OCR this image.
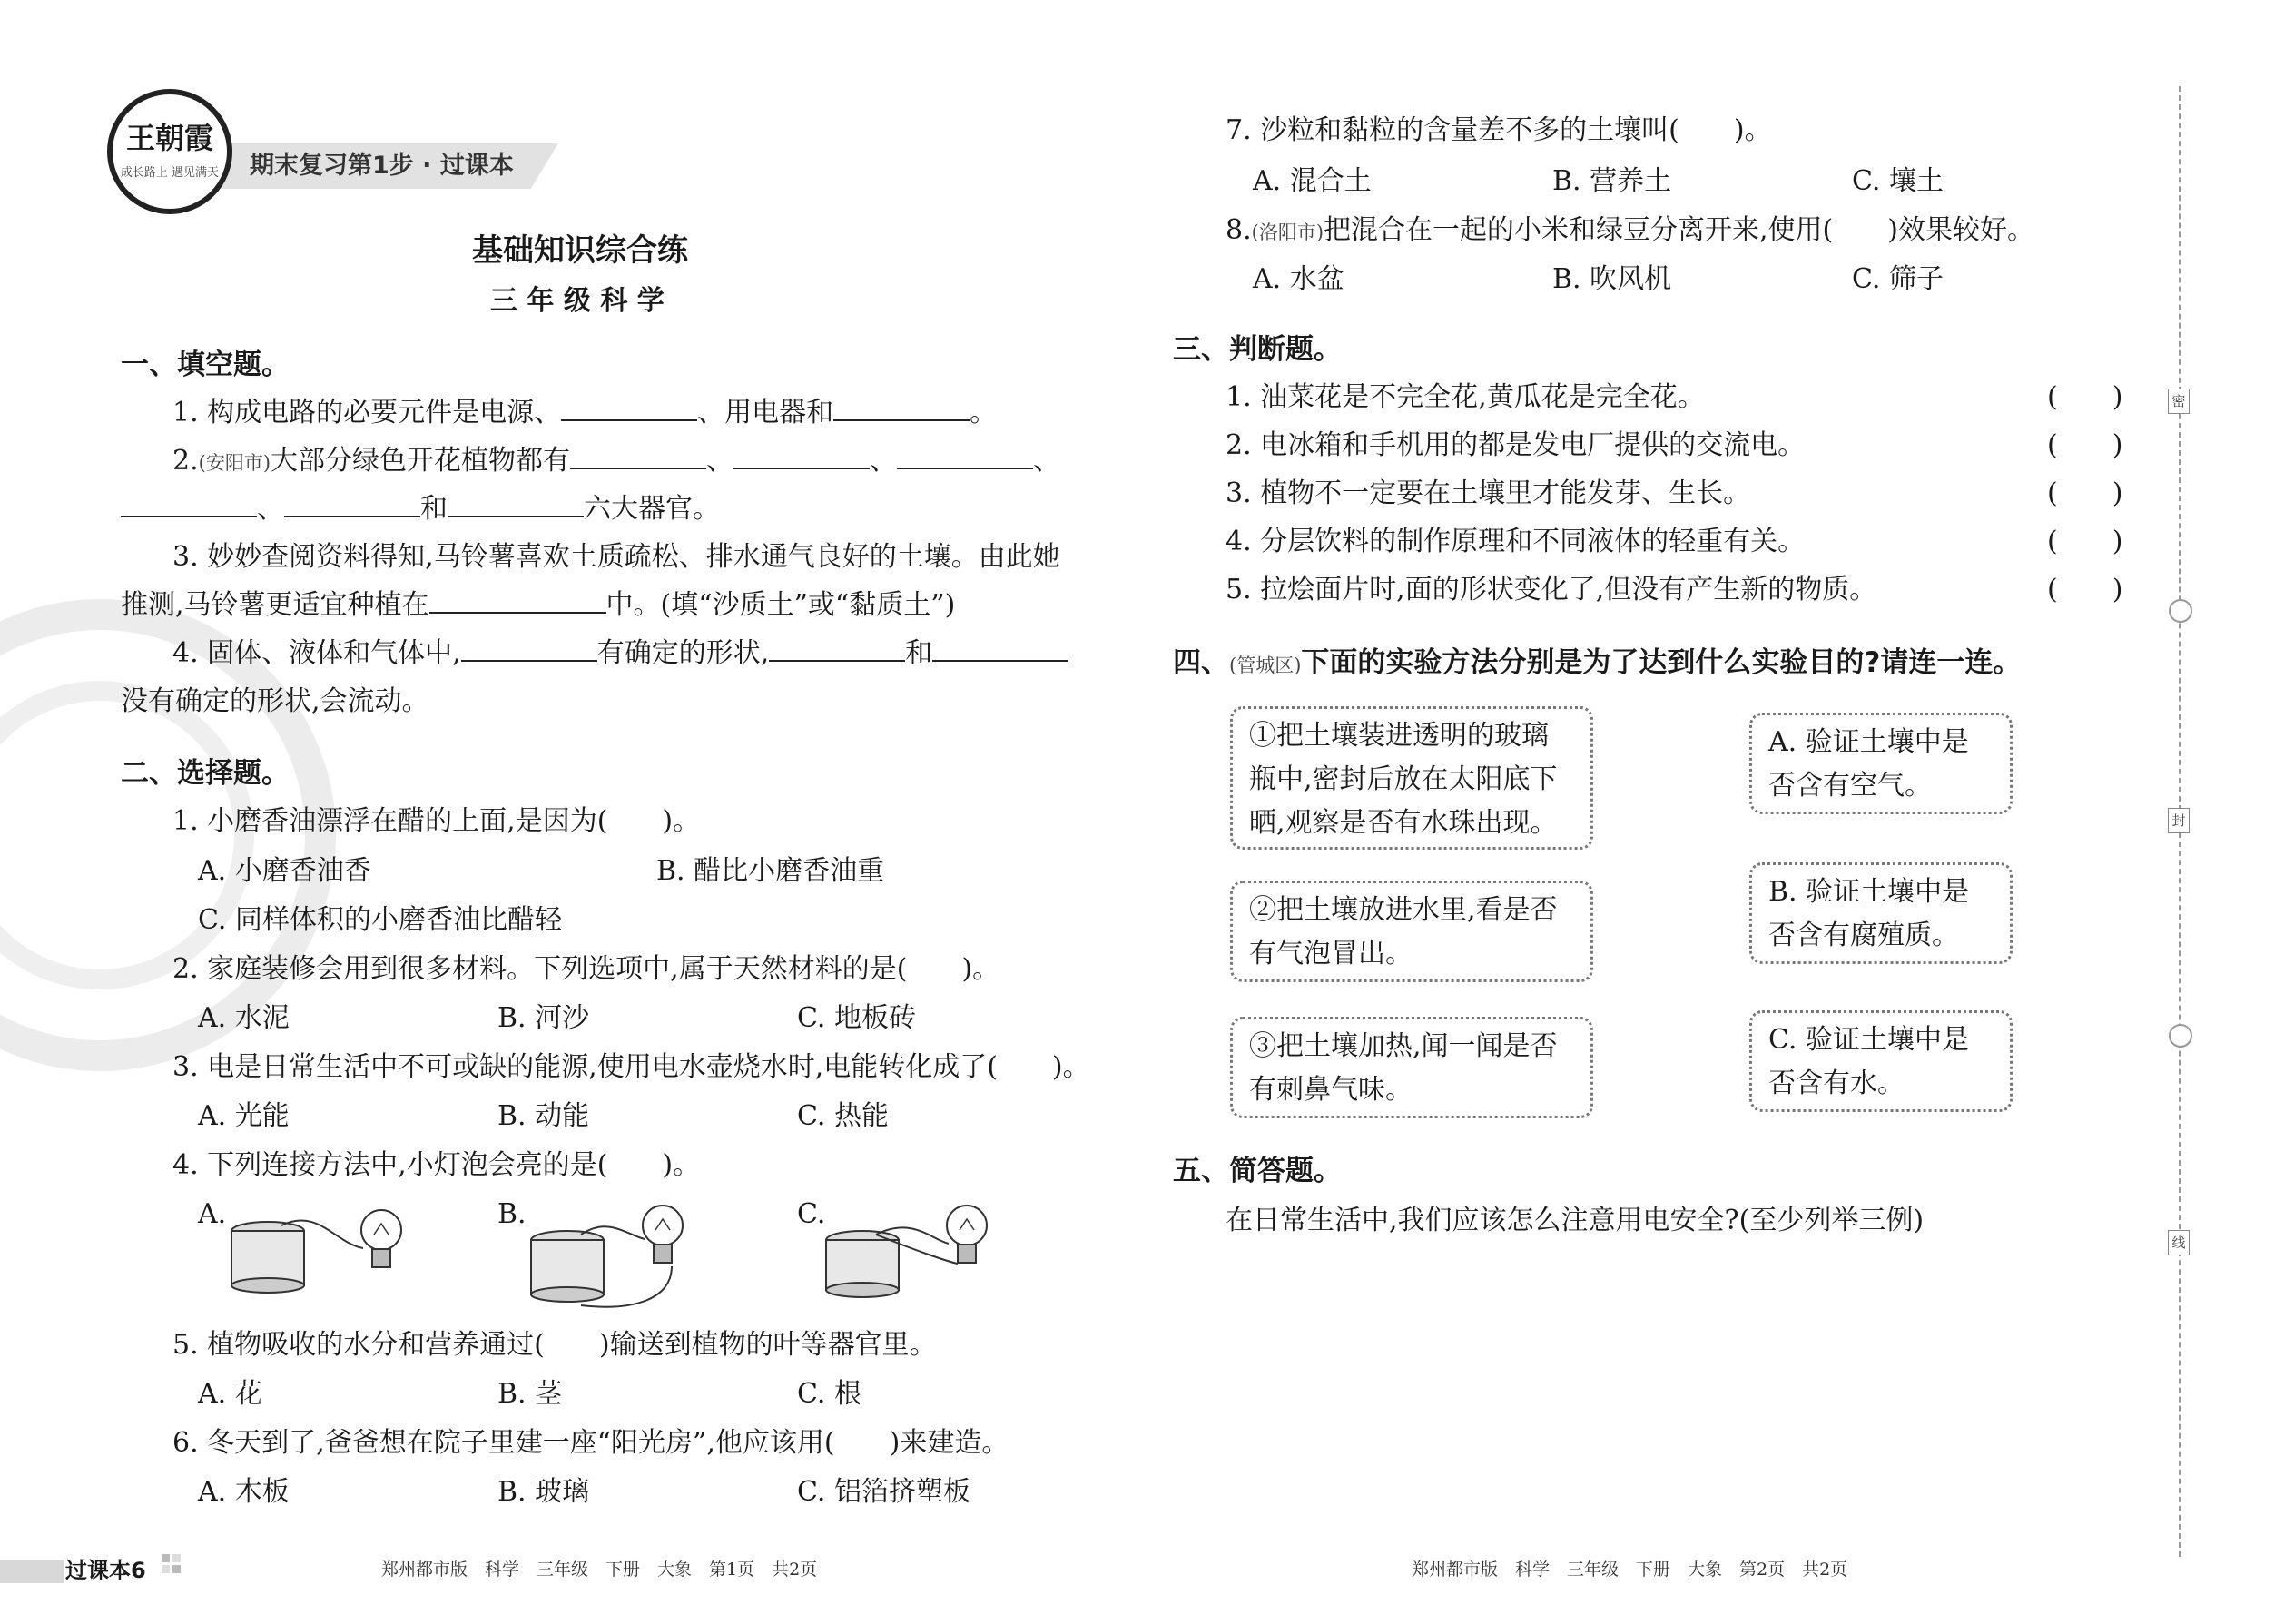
期末复习第1步 · 过课本
王朝霞
成长路上 遇见满天
基础知识综合练
三 年 级 科 学
一、填空题。
1. 构成电路的必要元件是电源、	、用电器和	。
2.(安阳市)大部分绿色开花植物都有	、	、	、
、	和	六大器官。
3. 妙妙查阅资料得知,马铃薯喜欢土质疏松、排水通气良好的土壤。由此她
推测,马铃薯更适宜种植在	中。(填“沙质土”或“黏质土”)
4. 固体、液体和气体中,	有确定的形状,	和
没有确定的形状,会流动。
二、选择题。
1. 小磨香油漂浮在醋的上面,是因为(　　)。
A. 小磨香油香	B. 醋比小磨香油重
C. 同样体积的小磨香油比醋轻
2. 家庭装修会用到很多材料。下列选项中,属于天然材料的是(　　)。
A. 水泥	B. 河沙	C. 地板砖
3. 电是日常生活中不可或缺的能源,使用电水壶烧水时,电能转化成了(　　)。
A. 光能	B. 动能	C. 热能
4. 下列连接方法中,小灯泡会亮的是(　　)。
A.	B.	C.
5. 植物吸收的水分和营养通过(　　)输送到植物的叶等器官里。
A. 花	B. 茎	C. 根
6. 冬天到了,爸爸想在院子里建一座“阳光房”,他应该用(　　)来建造。
A. 木板	B. 玻璃	C. 铝箔挤塑板
7. 沙粒和黏粒的含量差不多的土壤叫(　　)。
A. 混合土	B. 营养土	C. 壤土
8.(洛阳市)把混合在一起的小米和绿豆分离开来,使用(　　)效果较好。
A. 水盆	B. 吹风机	C. 筛子
三、判断题。
1. 油菜花是不完全花,黄瓜花是完全花。	(　　)
2. 电冰箱和手机用的都是发电厂提供的交流电。	(　　)
3. 植物不一定要在土壤里才能发芽、生长。	(　　)
4. 分层饮料的制作原理和不同液体的轻重有关。	(　　)
5. 拉烩面片时,面的形状变化了,但没有产生新的物质。	(　　)
四、(管城区)下面的实验方法分别是为了达到什么实验目的?请连一连。
①把土壤装进透明的玻璃瓶中,密封后放在太阳底下晒,观察是否有水珠出现。
②把土壤放进水里,看是否有气泡冒出。
③把土壤加热,闻一闻是否有刺鼻气味。
A. 验证土壤中是否含有空气。
B. 验证土壤中是否含有腐殖质。
C. 验证土壤中是否含有水。
五、简答题。
在日常生活中,我们应该怎么注意用电安全?(至少列举三例)
密
封
线
过课本6	郑州都市版　科学　三年级　下册　大象　第1页　共2页	郑州都市版　科学　三年级　下册　大象　第2页　共2页
